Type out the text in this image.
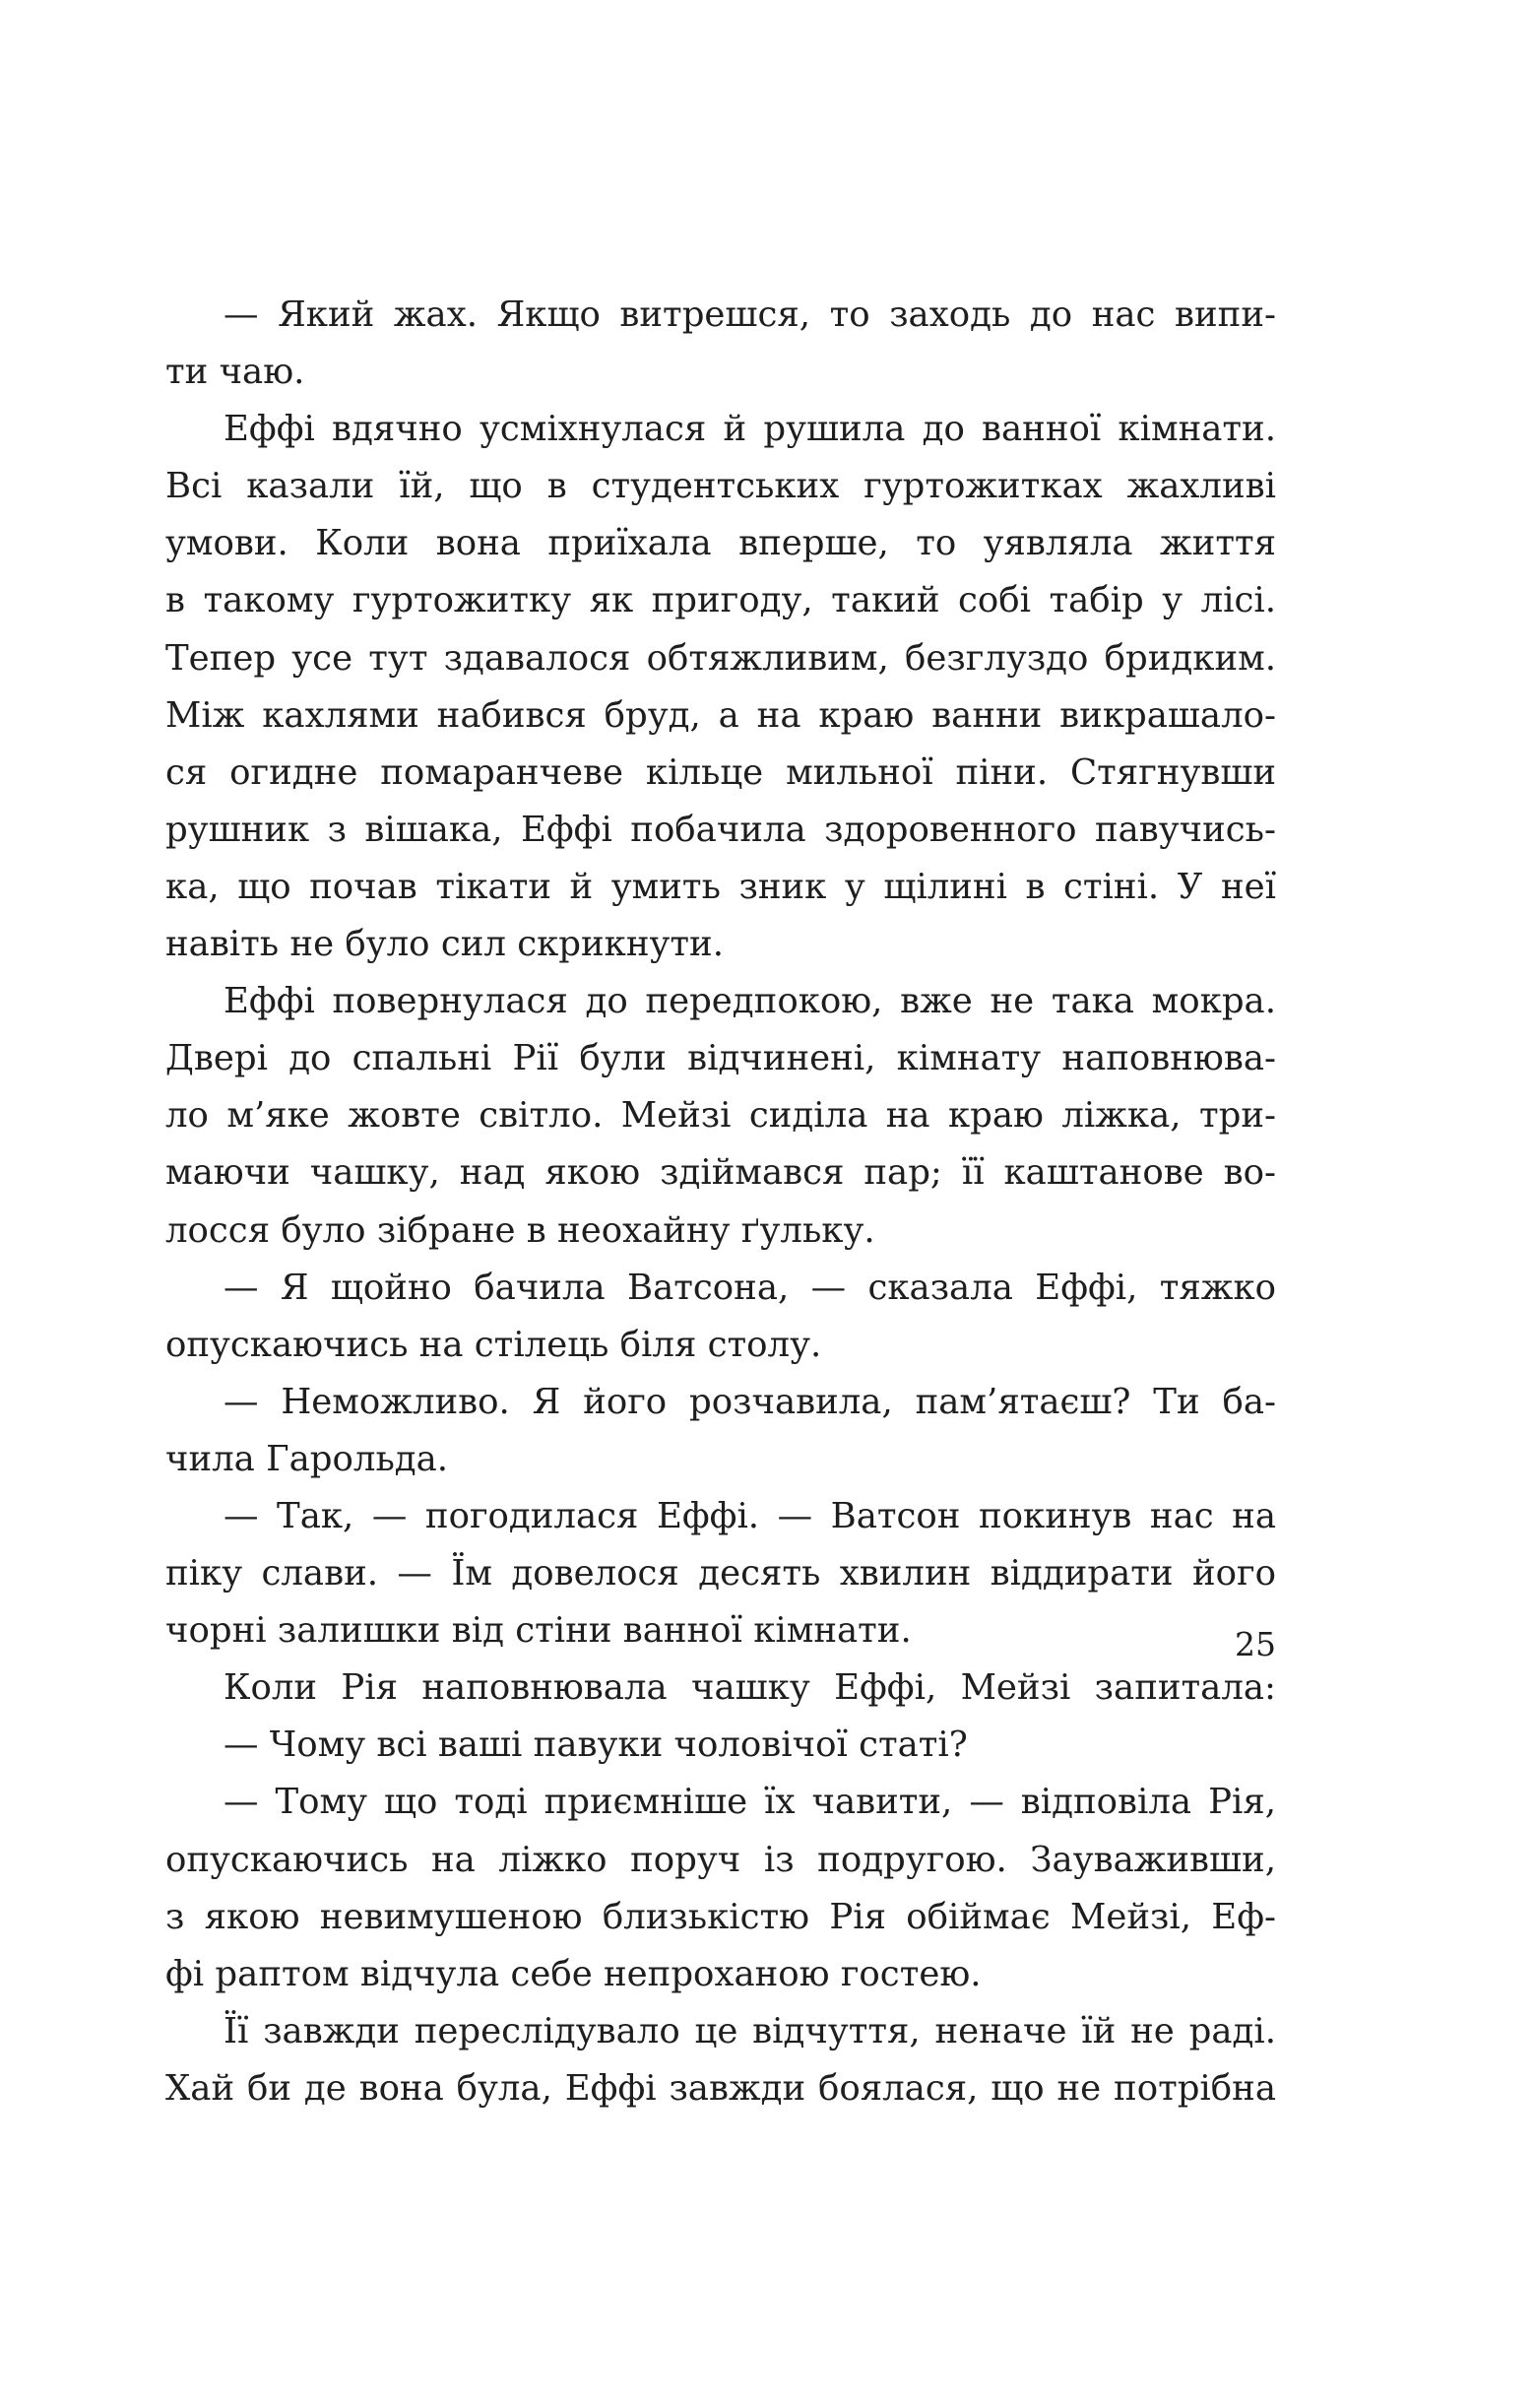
— Який жах. Якщо витрешся, то заходь до нас випи-
ти чаю.
Еффі вдячно усміхнулася й рушила до ванної кімнати.
Всі казали їй, що в студентських гуртожитках жахливі
умови. Коли вона приїхала вперше, то уявляла життя
в такому гуртожитку як пригоду, такий собі табір у лісі.
Тепер усе тут здавалося обтяжливим, безглуздо бридким.
Між кахлями набився бруд, а на краю ванни викрашало-
ся огидне помаранчеве кільце мильної піни. Стягнувши
рушник з вішака, Еффі побачила здоровенного павучись-
ка, що почав тікати й умить зник у щілині в стіні. У неї
навіть не було сил скрикнути.
Еффі повернулася до передпокою, вже не така мокра.
Двері до спальні Рії були відчинені, кімнату наповнюва-
ло м’яке жовте світло. Мейзі сиділа на краю ліжка, три-
маючи чашку, над якою здіймався пар; її каштанове во-
лосся було зібране в неохайну ґульку.
— Я щойно бачила Ватсона, — сказала Еффі, тяжко
опускаючись на стілець біля столу.
— Неможливо. Я його розчавила, пам’ятаєш? Ти ба-
чила Гарольда.
— Так, — погодилася Еффі. — Ватсон покинув нас на
піку слави. — Їм довелося десять хвилин віддирати його
чорні залишки від стіни ванної кімнати.
Коли Рія наповнювала чашку Еффі, Мейзі запитала:
— Чому всі ваші павуки чоловічої статі?
— Тому що тоді приємніше їх чавити, — відповіла Рія,
опускаючись на ліжко поруч із подругою. Зауваживши,
з якою невимушеною близькістю Рія обіймає Мейзі, Еф-
фі раптом відчула себе непроханою гостею.
Її завжди переслідувало це відчуття, неначе їй не раді.
Хай би де вона була, Еффі завжди боялася, що не потрібна
25
